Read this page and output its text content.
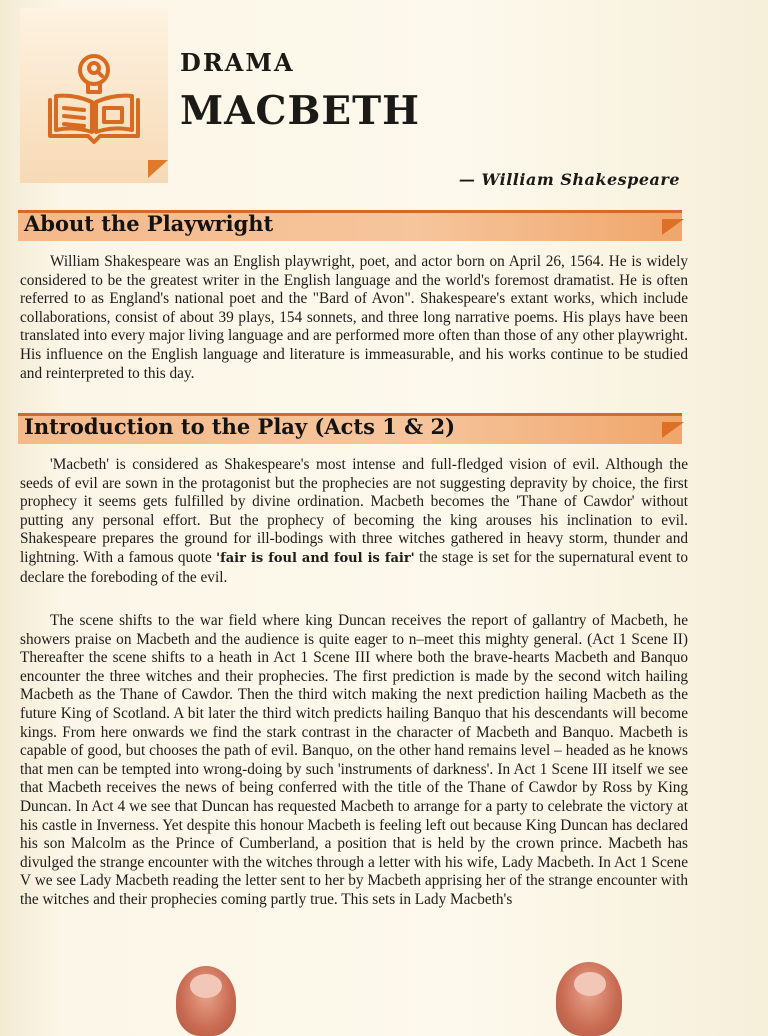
DRAMA
MACBETH
— William Shakespeare
About the Playwright

William Shakespeare was an English playwright, poet, and actor born on April 26, 1564. He is widely considered to be the greatest writer in the English language and the world's foremost dramatist. He is often referred to as England's national poet and the "Bard of Avon". Shakespeare's extant works, which include collaborations, consist of about 39 plays, 154 sonnets, and three long narrative poems. His plays have been translated into every major living language and are performed more often than those of any other playwright. His influence on the English language and literature is immeasurable, and his works continue to be studied and reinterpreted to this day.

Introduction to the Play (Acts 1 & 2)

'Macbeth' is considered as Shakespeare's most intense and full-fledged vision of evil. Although the seeds of evil are sown in the protagonist but the prophecies are not suggesting depravity by choice, the first prophecy it seems gets fulfilled by divine ordination. Macbeth becomes the 'Thane of Cawdor' without putting any personal effort. But the prophecy of becoming the king arouses his inclination to evil. Shakespeare prepares the ground for ill-bodings with three witches gathered in heavy storm, thunder and lightning. With a famous quote 'fair is foul and foul is fair' the stage is set for the supernatural event to declare the foreboding of the evil.

The scene shifts to the war field where king Duncan receives the report of gallantry of Macbeth, he showers praise on Macbeth and the audience is quite eager to n–meet this mighty general. (Act 1 Scene II) Thereafter the scene shifts to a heath in Act 1 Scene III where both the brave-hearts Macbeth and Banquo encounter the three witches and their prophecies. The first prediction is made by the second witch hailing Macbeth as the Thane of Cawdor. Then the third witch making the next prediction hailing Macbeth as the future King of Scotland. A bit later the third witch predicts hailing Banquo that his descendants will become kings. From here onwards we find the stark contrast in the character of Macbeth and Banquo. Macbeth is capable of good, but chooses the path of evil. Banquo, on the other hand remains level – headed as he knows that men can be tempted into wrong-doing by such 'instruments of darkness'. In Act 1 Scene III itself we see that Macbeth receives the news of being conferred with the title of the Thane of Cawdor by Ross by King Duncan. In Act 4 we see that Duncan has requested Macbeth to arrange for a party to celebrate the victory at his castle in Inverness. Yet despite this honour Macbeth is feeling left out because King Duncan has declared his son Malcolm as the Prince of Cumberland, a position that is held by the crown prince. Macbeth has divulged the strange encounter with the witches through a letter with his wife, Lady Macbeth. In Act 1 Scene V we see Lady Macbeth reading the letter sent to her by Macbeth apprising her of the strange encounter with the witches and their prophecies coming partly true. This sets in Lady Macbeth's
